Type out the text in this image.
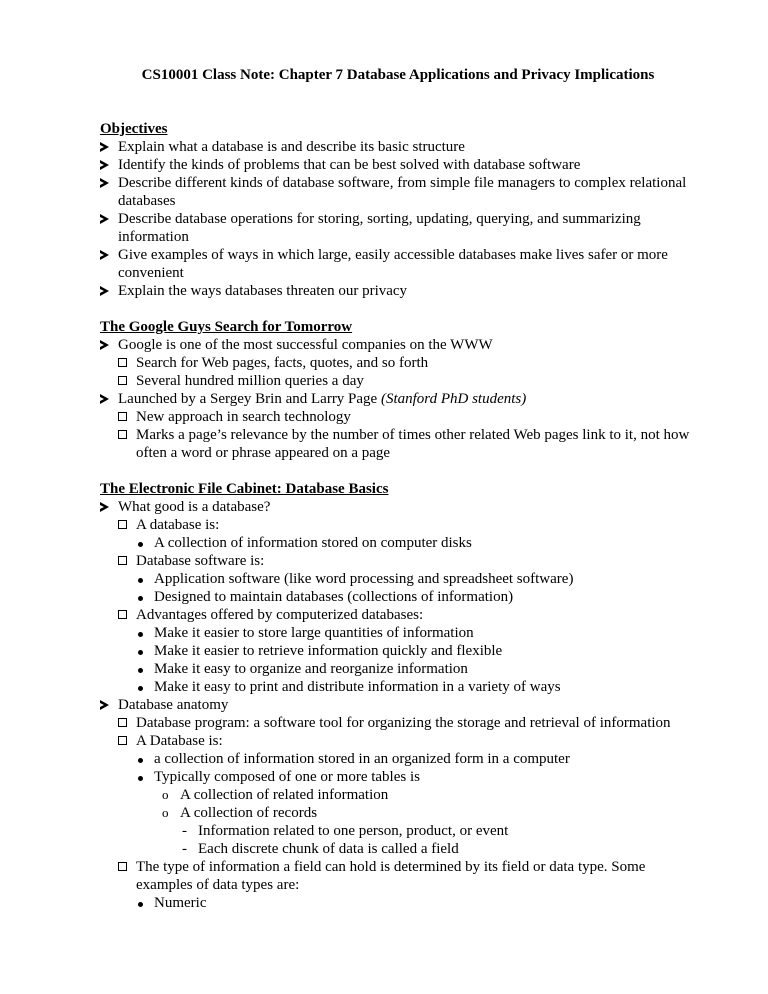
CS10001 Class Note: Chapter 7 Database Applications and Privacy Implications
Objectives
Explain what a database is and describe its basic structure
Identify the kinds of problems that can be best solved with database software
Describe different kinds of database software, from simple file managers to complex relational databases
Describe database operations for storing, sorting, updating, querying, and summarizing information
Give examples of ways in which large, easily accessible databases make lives safer or more convenient
Explain the ways databases threaten our privacy
The Google Guys Search for Tomorrow
Google is one of the most successful companies on the WWW
Search for Web pages, facts, quotes, and so forth
Several hundred million queries a day
Launched by a Sergey Brin and Larry Page (Stanford PhD students)
New approach in search technology
Marks a page’s relevance by the number of times other related Web pages link to it, not how often a word or phrase appeared on a page
The Electronic File Cabinet: Database Basics
What good is a database?
A database is:
A collection of information stored on computer disks
Database software is:
Application software (like word processing and spreadsheet software)
Designed to maintain databases (collections of information)
Advantages offered by computerized databases:
Make it easier to store large quantities of information
Make it easier to retrieve information quickly and flexible
Make it easy to organize and reorganize information
Make it easy to print and distribute information in a variety of ways
Database anatomy
Database program: a software tool for organizing the storage and retrieval of information
A Database is:
a collection of information stored in an organized form in a computer
Typically composed of one or more tables is
o A collection of related information
o A collection of records
- Information related to one person, product, or event
- Each discrete chunk of data is called a field
The type of information a field can hold is determined by its field or data type. Some examples of data types are:
Numeric
